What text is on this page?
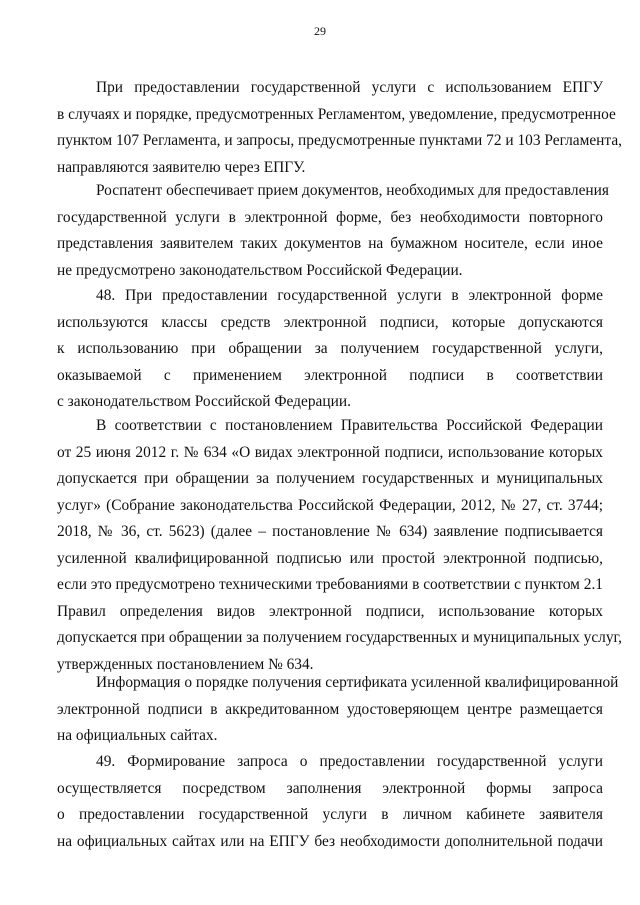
29
При предоставлении государственной услуги с использованием ЕПГУ
в случаях и порядке, предусмотренных Регламентом, уведомление, предусмотренное
пунктом 107 Регламента, и запросы, предусмотренные пунктами 72 и 103 Регламента,
направляются заявителю через ЕПГУ.
Роспатент обеспечивает прием документов, необходимых для предоставления
государственной услуги в электронной форме, без необходимости повторного
представления заявителем таких документов на бумажном носителе, если иное
не предусмотрено законодательством Российской Федерации.
48. При предоставлении государственной услуги в электронной форме
используются классы средств электронной подписи, которые допускаются
к использованию при обращении за получением государственной услуги,
оказываемой с применением электронной подписи в соответствии
с законодательством Российской Федерации.
В соответствии с постановлением Правительства Российской Федерации
от 25 июня 2012 г. № 634 «О видах электронной подписи, использование которых
допускается при обращении за получением государственных и муниципальных
услуг» (Собрание законодательства Российской Федерации, 2012, № 27, ст. 3744;
2018, № 36, ст. 5623) (далее – постановление № 634) заявление подписывается
усиленной квалифицированной подписью или простой электронной подписью,
если это предусмотрено техническими требованиями в соответствии с пунктом 2.1
Правил определения видов электронной подписи, использование которых
допускается при обращении за получением государственных и муниципальных услуг,
утвержденных постановлением № 634.
Информация о порядке получения сертификата усиленной квалифицированной
электронной подписи в аккредитованном удостоверяющем центре размещается
на официальных сайтах.
49. Формирование запроса о предоставлении государственной услуги
осуществляется посредством заполнения электронной формы запроса
о предоставлении государственной услуги в личном кабинете заявителя
на официальных сайтах или на ЕПГУ без необходимости дополнительной подачи
